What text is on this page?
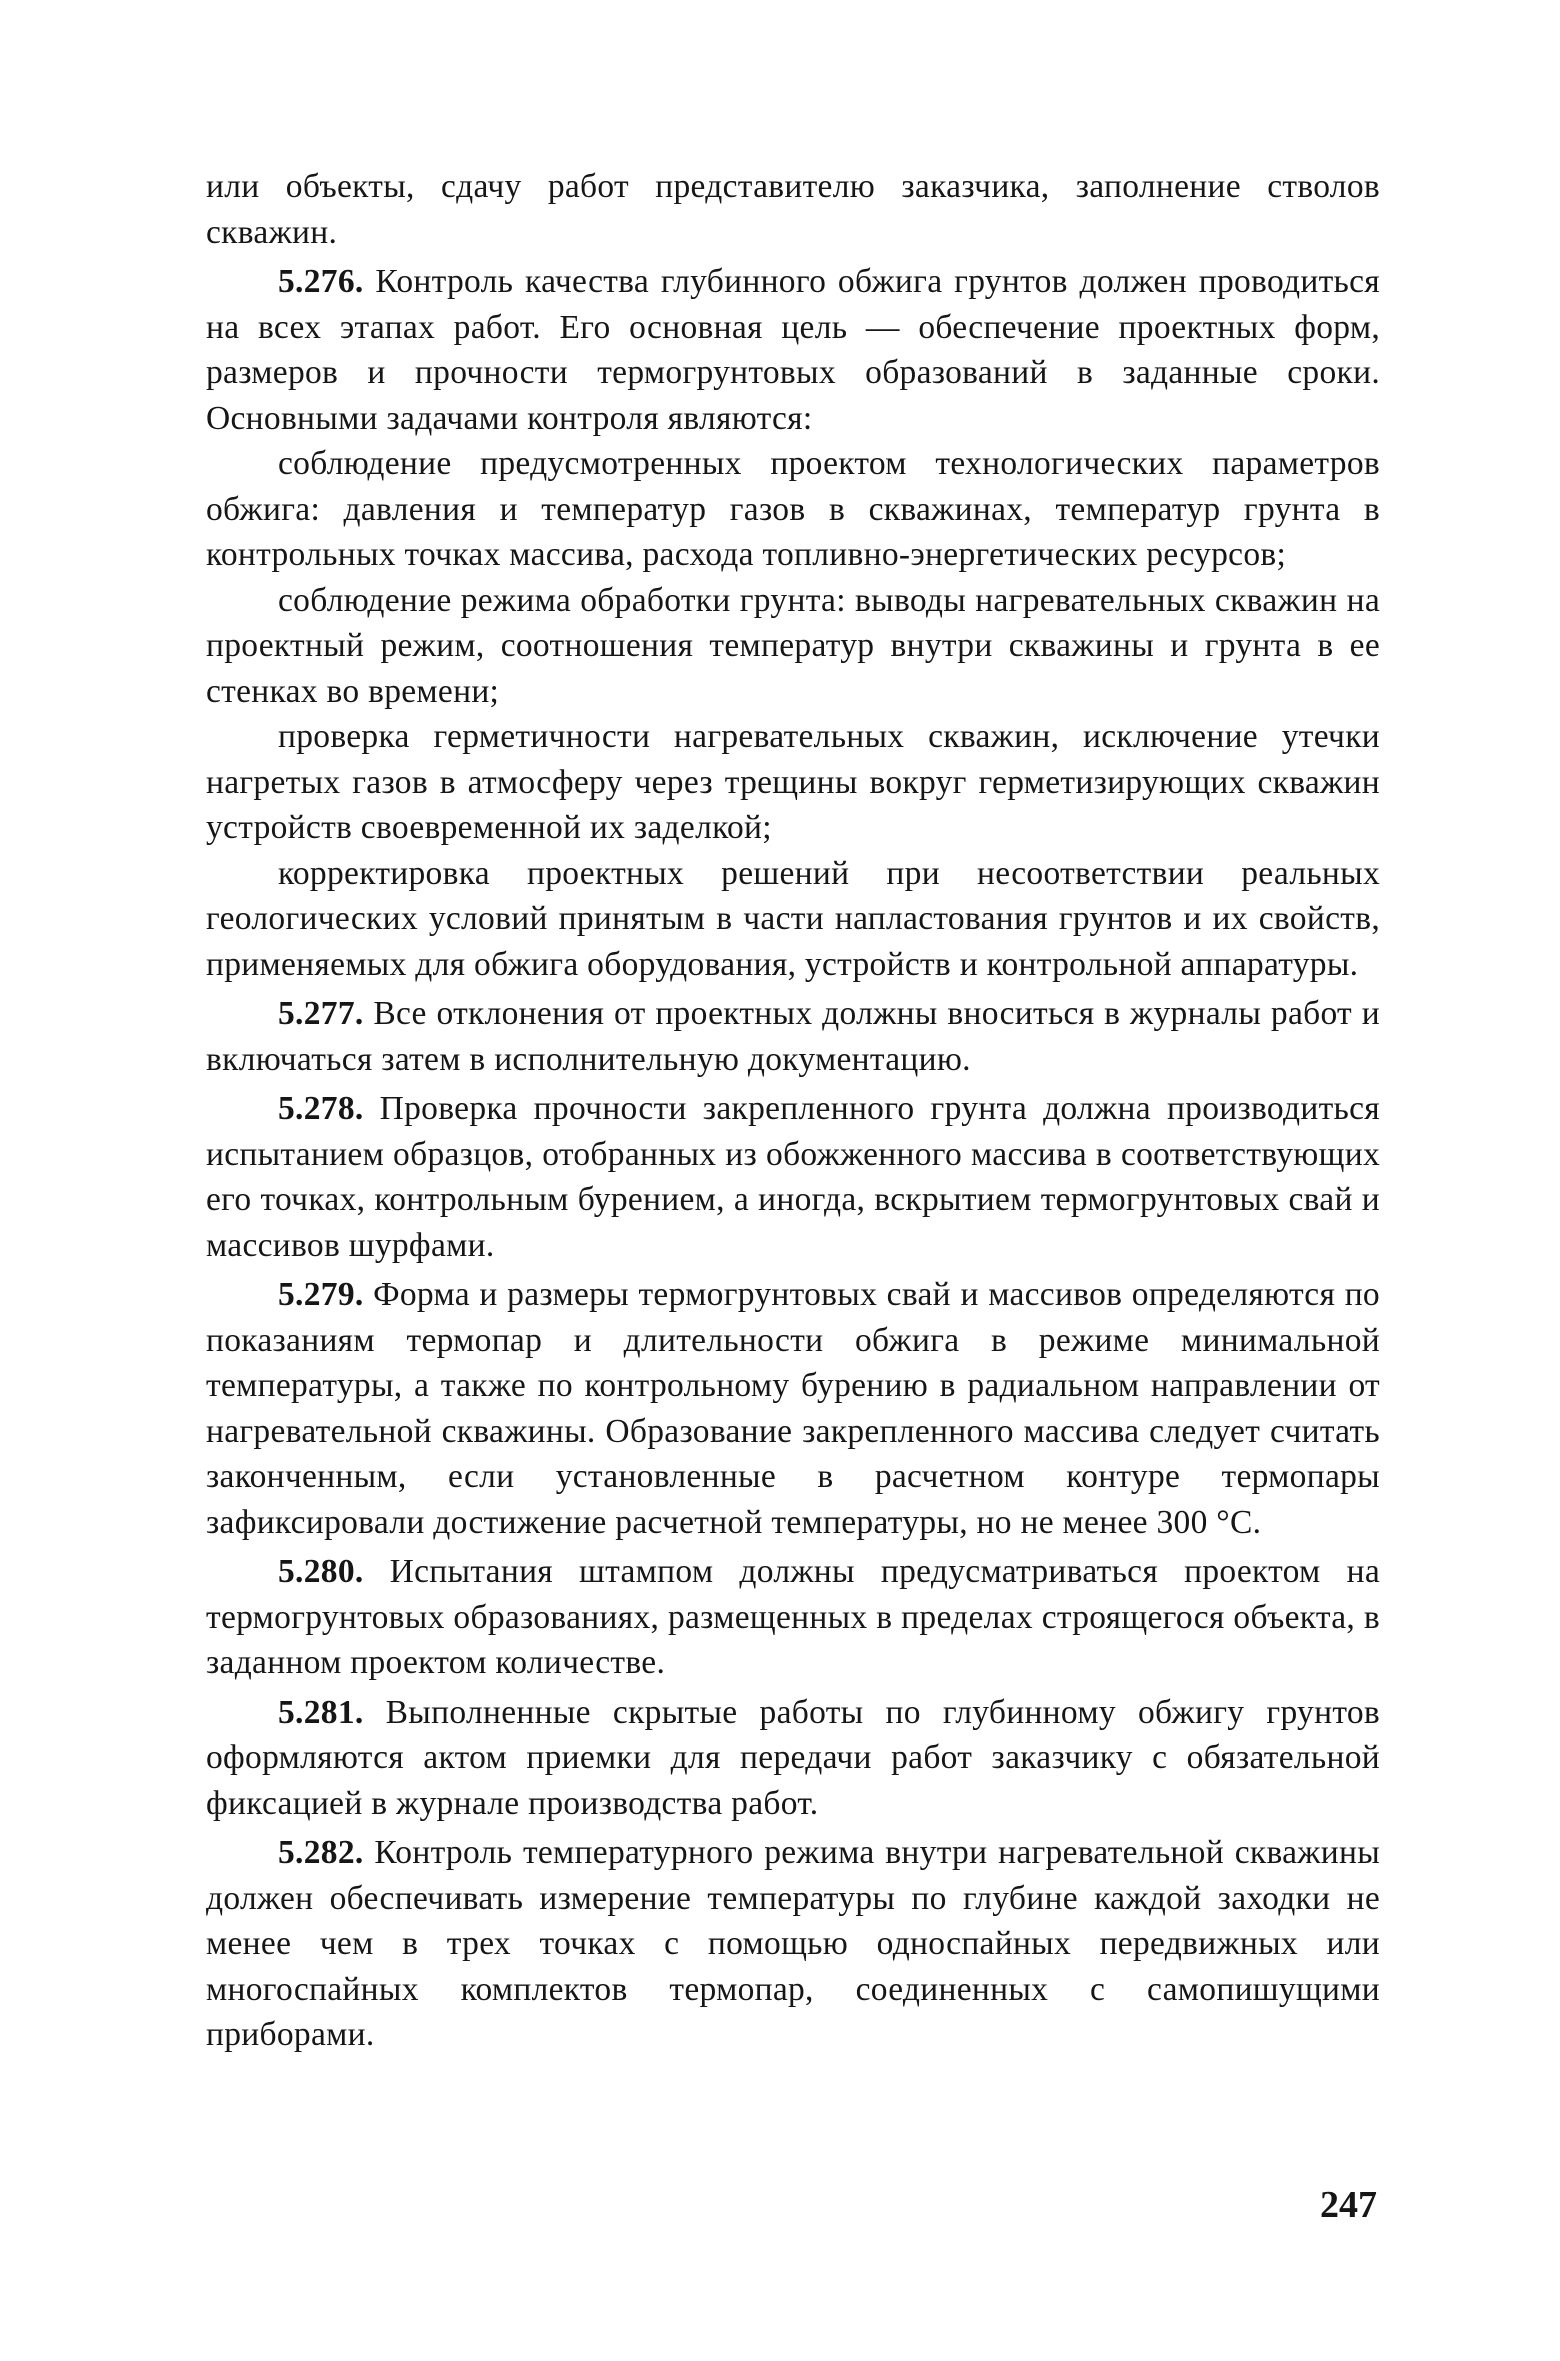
или объекты, сдачу работ представителю заказчика, заполнение стволов скважин.

5.276. Контроль качества глубинного обжига грунтов должен проводиться на всех этапах работ. Его основная цель — обеспечение проектных форм, размеров и прочности термогрунтовых образований в заданные сроки. Основными задачами контроля являются:

соблюдение предусмотренных проектом технологических параметров обжига: давления и температур газов в скважинах, температур грунта в контрольных точках массива, расхода топливно-энергетических ресурсов;

соблюдение режима обработки грунта: выводы нагревательных скважин на проектный режим, соотношения температур внутри скважины и грунта в ее стенках во времени;

проверка герметичности нагревательных скважин, исключение утечки нагретых газов в атмосферу через трещины вокруг герметизирующих скважин устройств своевременной их заделкой;

корректировка проектных решений при несоответствии реальных геологических условий принятым в части напластования грунтов и их свойств, применяемых для обжига оборудования, устройств и контрольной аппаратуры.

5.277. Все отклонения от проектных должны вноситься в журналы работ и включаться затем в исполнительную документацию.

5.278. Проверка прочности закрепленного грунта должна производиться испытанием образцов, отобранных из обожженного массива в соответствующих его точках, контрольным бурением, а иногда, вскрытием термогрунтовых свай и массивов шурфами.

5.279. Форма и размеры термогрунтовых свай и массивов определяются по показаниям термопар и длительности обжига в режиме минимальной температуры, а также по контрольному бурению в радиальном направлении от нагревательной скважины. Образование закрепленного массива следует считать законченным, если установленные в расчетном контуре термопары зафиксировали достижение расчетной температуры, но не менее 300 °С.

5.280. Испытания штампом должны предусматриваться проектом на термогрунтовых образованиях, размещенных в пределах строящегося объекта, в заданном проектом количестве.

5.281. Выполненные скрытые работы по глубинному обжигу грунтов оформляются актом приемки для передачи работ заказчику с обязательной фиксацией в журнале производства работ.

5.282. Контроль температурного режима внутри нагревательной скважины должен обеспечивать измерение температуры по глубине каждой заходки не менее чем в трех точках с помощью односпайных передвижных или многоспайных комплектов термопар, соединенных с самопишущими приборами.

247
